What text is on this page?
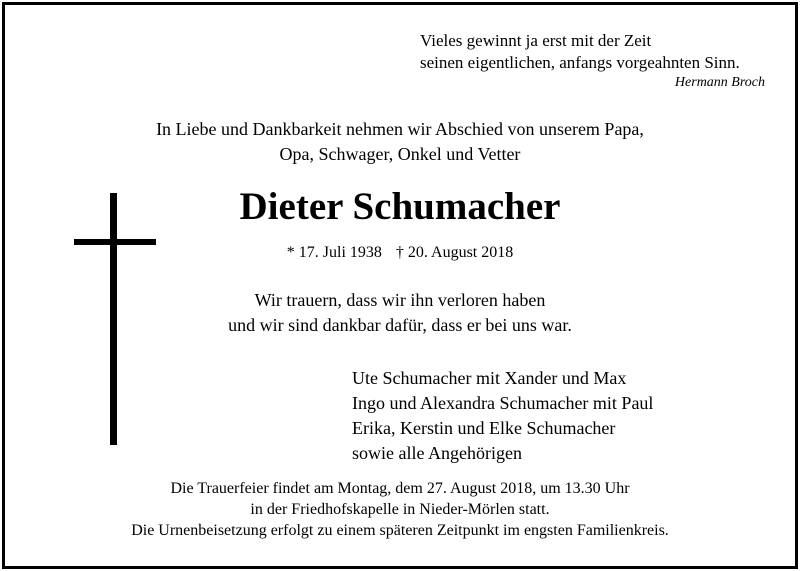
Vieles gewinnt ja erst mit der Zeit
seinen eigentlichen, anfangs vorgeahnten Sinn.
Hermann Broch
In Liebe und Dankbarkeit nehmen wir Abschied von unserem Papa,
Opa, Schwager, Onkel und Vetter
Dieter Schumacher
* 17. Juli 1938 † 20. August 2018
Wir trauern, dass wir ihn verloren haben
und wir sind dankbar dafür, dass er bei uns war.
Ute Schumacher mit Xander und Max
Ingo und Alexandra Schumacher mit Paul
Erika, Kerstin und Elke Schumacher
sowie alle Angehörigen
Die Trauerfeier findet am Montag, dem 27. August 2018, um 13.30 Uhr
in der Friedhofskapelle in Nieder-Mörlen statt.
Die Urnenbeisetzung erfolgt zu einem späteren Zeitpunkt im engsten Familienkreis.
